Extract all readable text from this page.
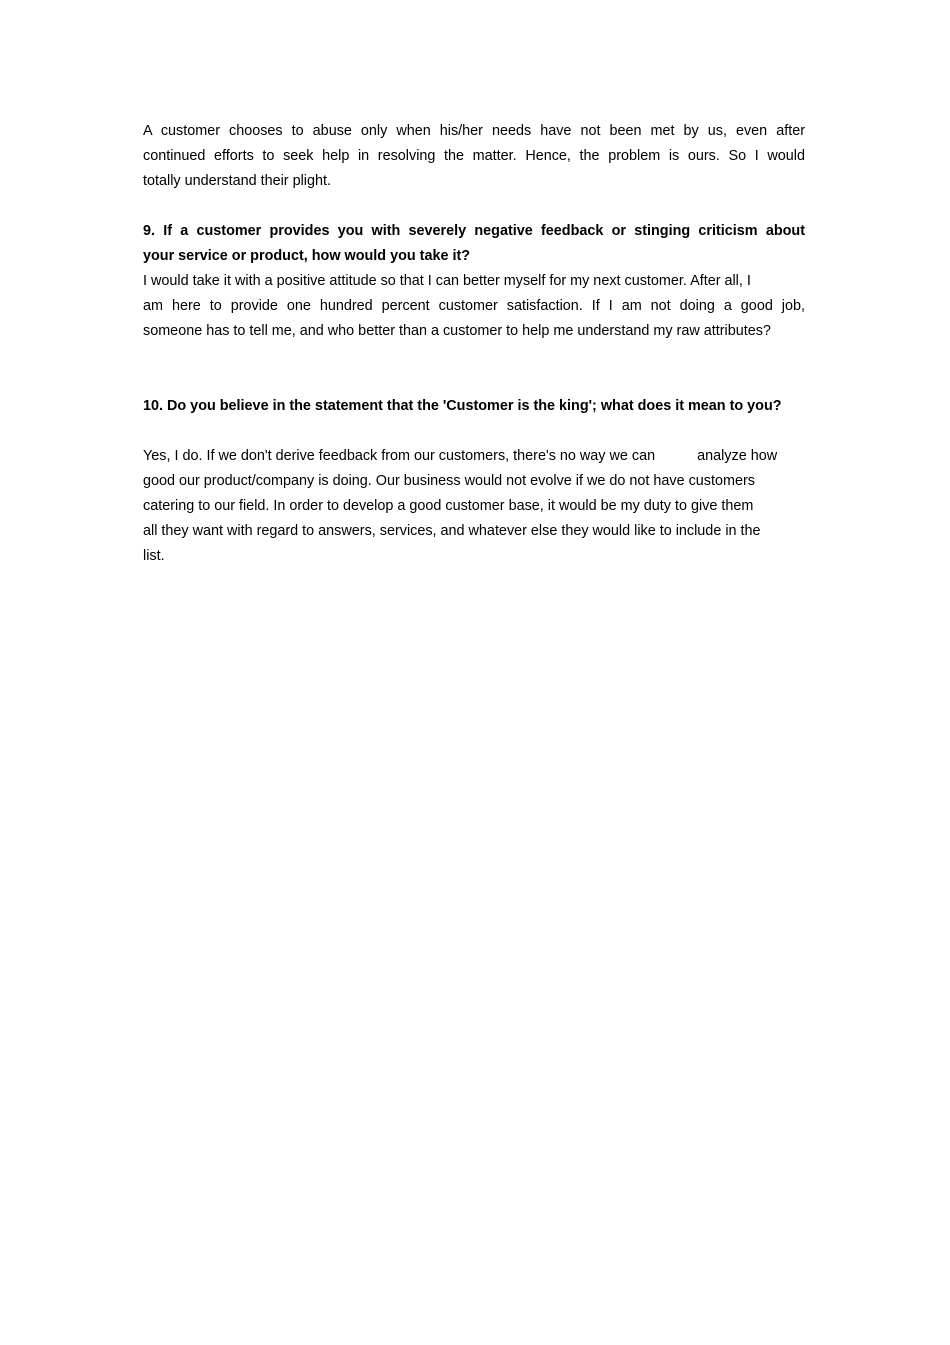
A customer chooses to abuse only when his/her needs have not been met by us, even after
continued efforts to seek help in resolving the matter. Hence, the problem is ours. So I would
totally understand their plight.
9. If a customer provides you with severely negative feedback or stinging criticism about
your service or product, how would you take it?
I would take it with a positive attitude so that I can better myself for my next customer. After all, I
am here to provide one hundred percent customer satisfaction. If I am not doing a good job,
someone has to tell me, and who better than a customer to help me understand my raw attributes?
10. Do you believe in the statement that the 'Customer is the king'; what does it mean to you?
Yes, I do. If we don't derive feedback from our customers, there's no way we can	analyze how
good our product/company is doing. Our business would not evolve if we do not have customers
catering to our field. In order to develop a good customer base, it would be my duty to give them
all they want with regard to answers, services, and whatever else they would like to include in the
list.
